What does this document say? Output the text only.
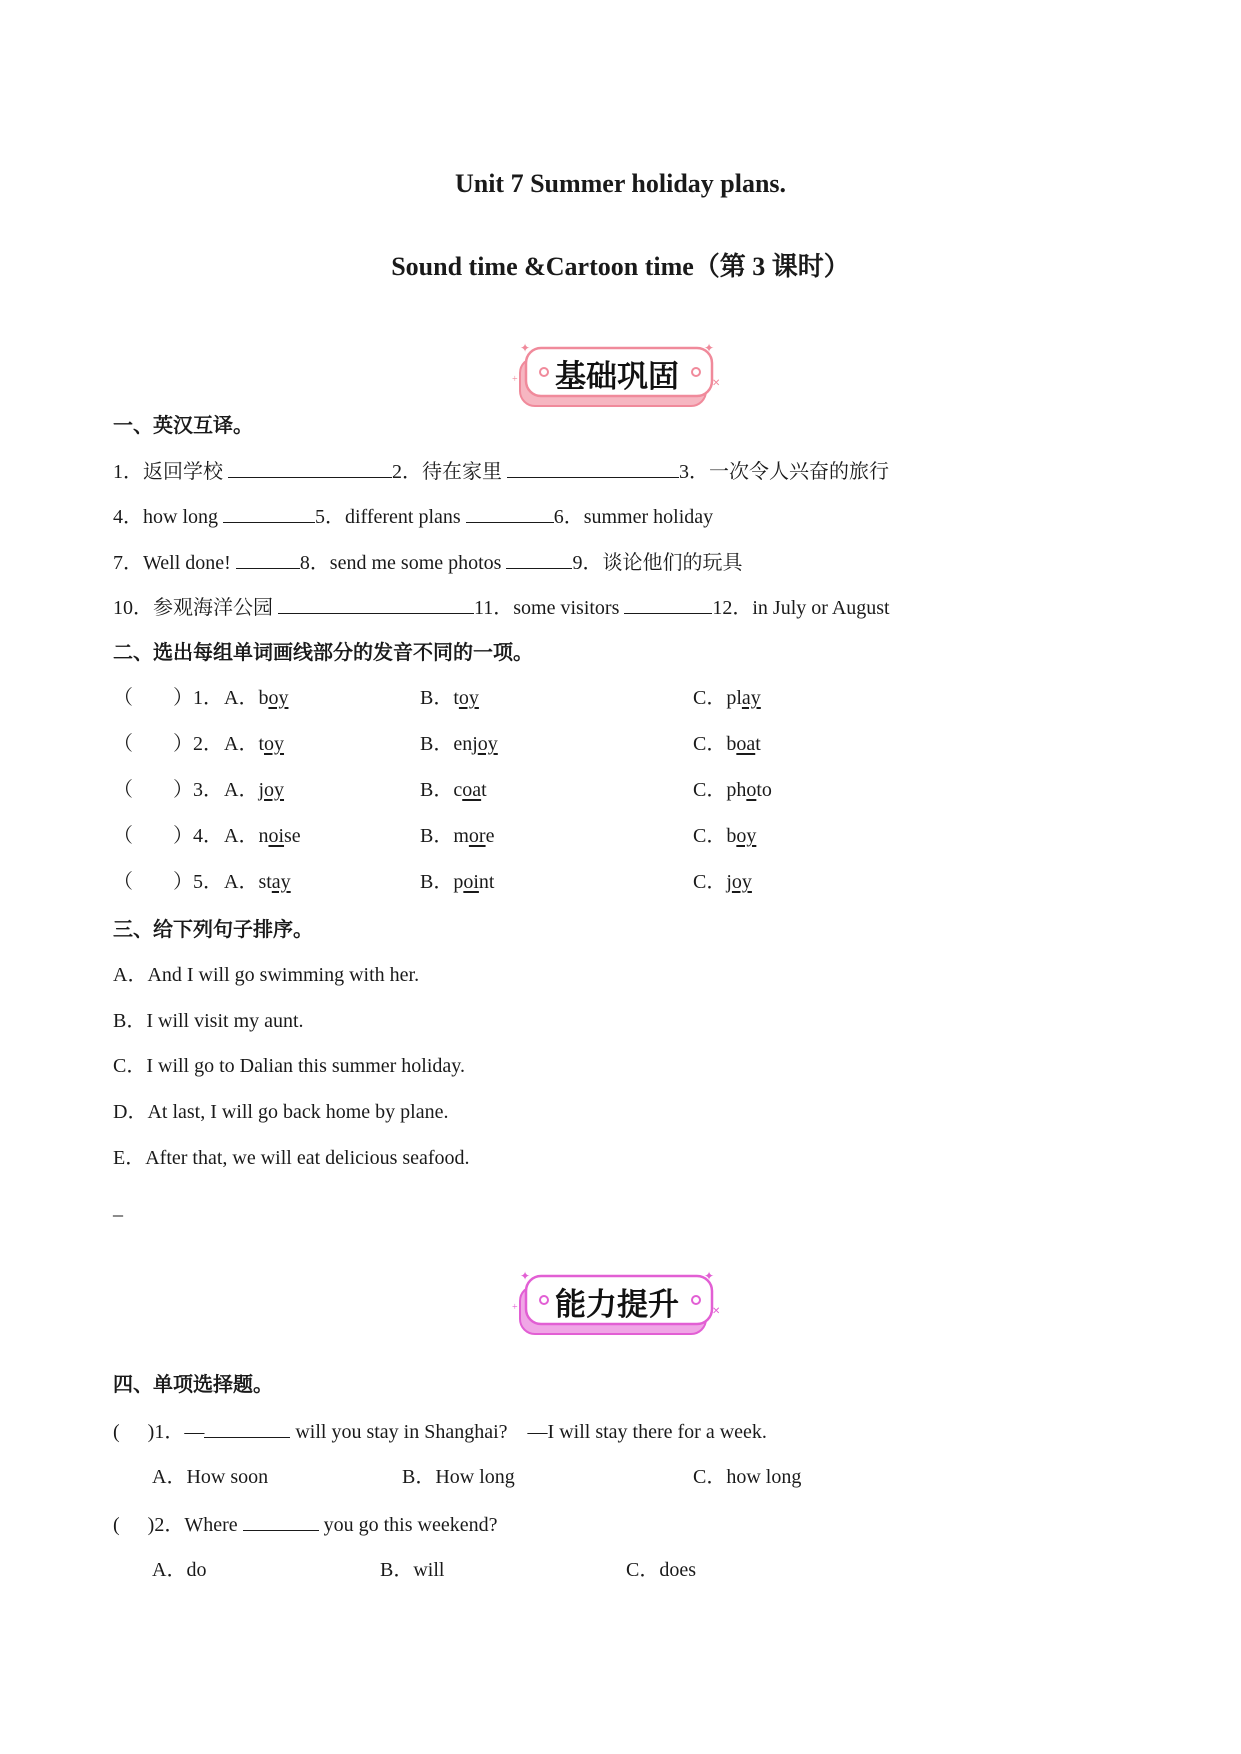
Unit 7 Summer holiday plans.
Sound time &Cartoon time（第 3 课时）
✦	✦
✕
+	基础巩固
一、英汉互译。
1．返回学校	2．待在家里	3．一次令人兴奋的旅行
4．how long	5．different plans	6．summer holiday
7．Well done!	8．send me some photos	9．谈论他们的玩具
10．参观海洋公园	11．some visitors	12．in July or August
二、选出每组单词画线部分的发音不同的一项。
（　　）1． A．boy	B．toy	C．play
（　　）2． A．toy	B．enjoy	C．boat
（　　）3． A．joy	B．coat	C．photo
（　　）4． A．noise	B．more	C．boy
（　　）5． A．stay	B．point	C．joy
三、给下列句子排序。
A．And I will go swimming with her.
B．I will visit my aunt.
C．I will go to Dalian this summer holiday.
D．At last, I will go back home by plane.
E．After that, we will eat delicious seafood.
_
✦	✦
✕
+	能力提升
四、单项选择题。
( )1．—	will you stay in Shanghai?　—I will stay there for a week.
A．How soon	B．How long	C．how long
( )2．Where	you go this weekend?
A．do	B．will	C．does
